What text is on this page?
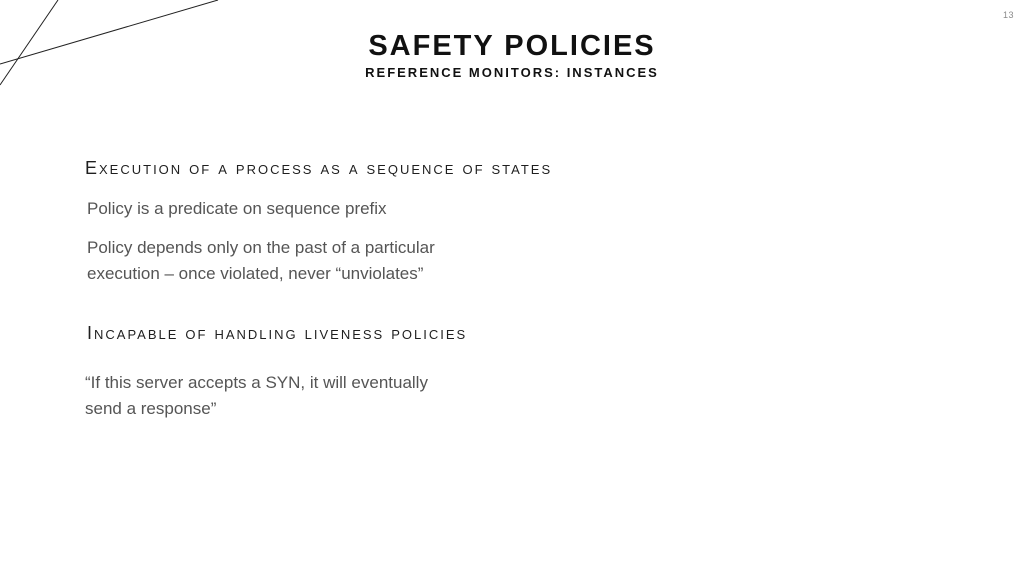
13
SAFETY POLICIES
REFERENCE MONITORS: INSTANCES
Execution of a process as a sequence of states
Policy is a predicate on sequence prefix
Policy depends only on the past of a particular
execution – once violated, never “unviolates”
Incapable of handling liveness policies
“If this server accepts a SYN, it will eventually
send a response”
